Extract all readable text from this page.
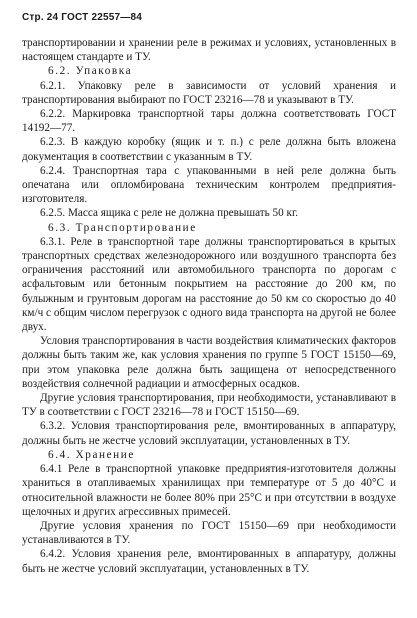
Стр. 24 ГОСТ 22557—84

транспортировании и хранении реле в режимах и условиях, установленных в настоящем стандарте и ТУ.

6.2. Упаковка

6.2.1. Упаковку реле в зависимости от условий хранения и транспортирования выбирают по ГОСТ 23216—78 и указывают в ТУ.

6.2.2. Маркировка транспортной тары должна соответствовать ГОСТ 14192—77.

6.2.3. В каждую коробку (ящик и т. п.) с реле должна быть вложена документация в соответствии с указанным в ТУ.

6.2.4. Транспортная тара с упакованными в ней реле должна быть опечатана или опломбирована техническим контролем предприятия-изготовителя.

6.2.5. Масса ящика с реле не должна превышать 50 кг.

6.3. Транспортирование

6.3.1. Реле в транспортной таре должны транспортироваться в крытых транспортных средствах железнодорожного или воздушного транспорта без ограничения расстояний или автомобильного транспорта по дорогам с асфальтовым или бетонным покрытием на расстояние до 200 км, по булыжным и грунтовым дорогам на расстояние до 50 км со скоростью до 40 км/ч с общим числом перегрузок с одного вида транспорта на другой не более двух.

Условия транспортирования в части воздействия климатических факторов должны быть таким же, как условия хранения по группе 5 ГОСТ 15150—69, при этом упаковка реле должна быть защищена от непосредственного воздействия солнечной радиации и атмосферных осадков.

Другие условия транспортирования, при необходимости, устанавливают в ТУ в соответствии с ГОСТ 23216—78 и ГОСТ 15150—69.

6.3.2. Условия транспортирования реле, вмонтированных в аппаратуру, должны быть не жестче условий эксплуатации, установленных в ТУ.

6.4. Хранение

6.4.1 Реле в транспортной упаковке предприятия-изготовителя должны храниться в отапливаемых хранилищах при температуре от 5 до 40°С и относительной влажности не более 80% при 25°С и при отсутствии в воздухе щелочных и других агрессивных примесей.

Другие условия хранения по ГОСТ 15150—69 при необходимости устанавливаются в ТУ.

6.4.2. Условия хранения реле, вмонтированных в аппаратуру, должны быть не жестче условий эксплуатации, установленных в ТУ.
